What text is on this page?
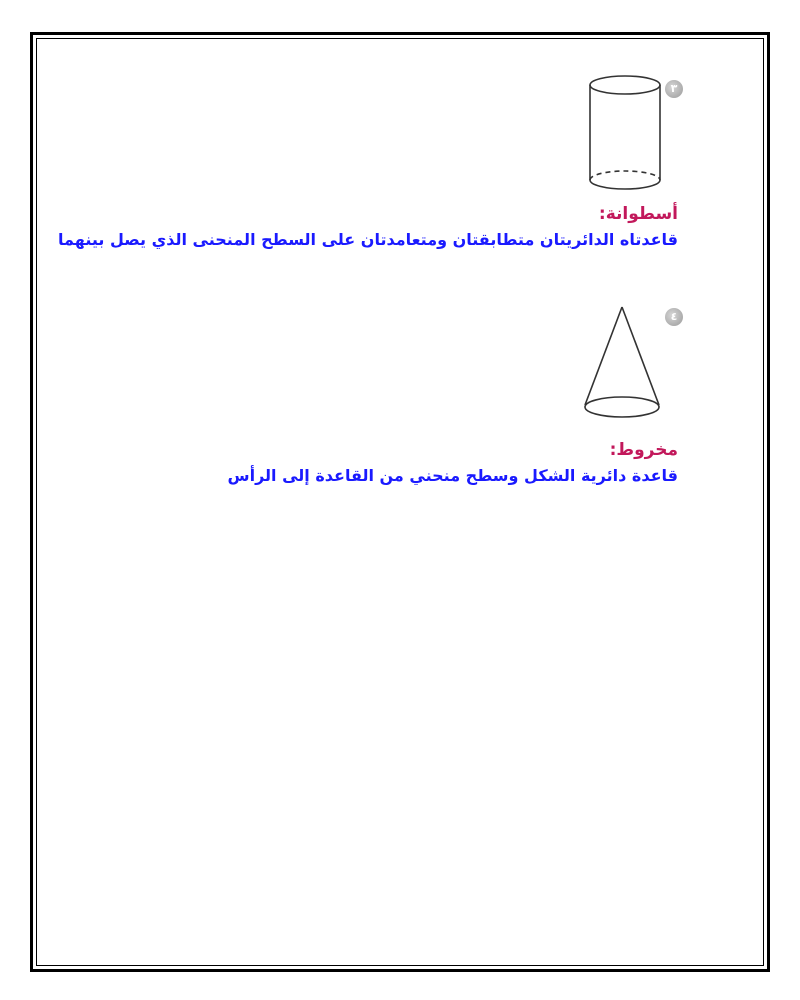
٣
أسطوانة:
قاعدتاه الدائريتان متطابقتان ومتعامدتان على السطح المنحنى الذي يصل بينهما
٤
مخروط:
قاعدة دائرية الشكل وسطح منحني من القاعدة إلى الرأس
